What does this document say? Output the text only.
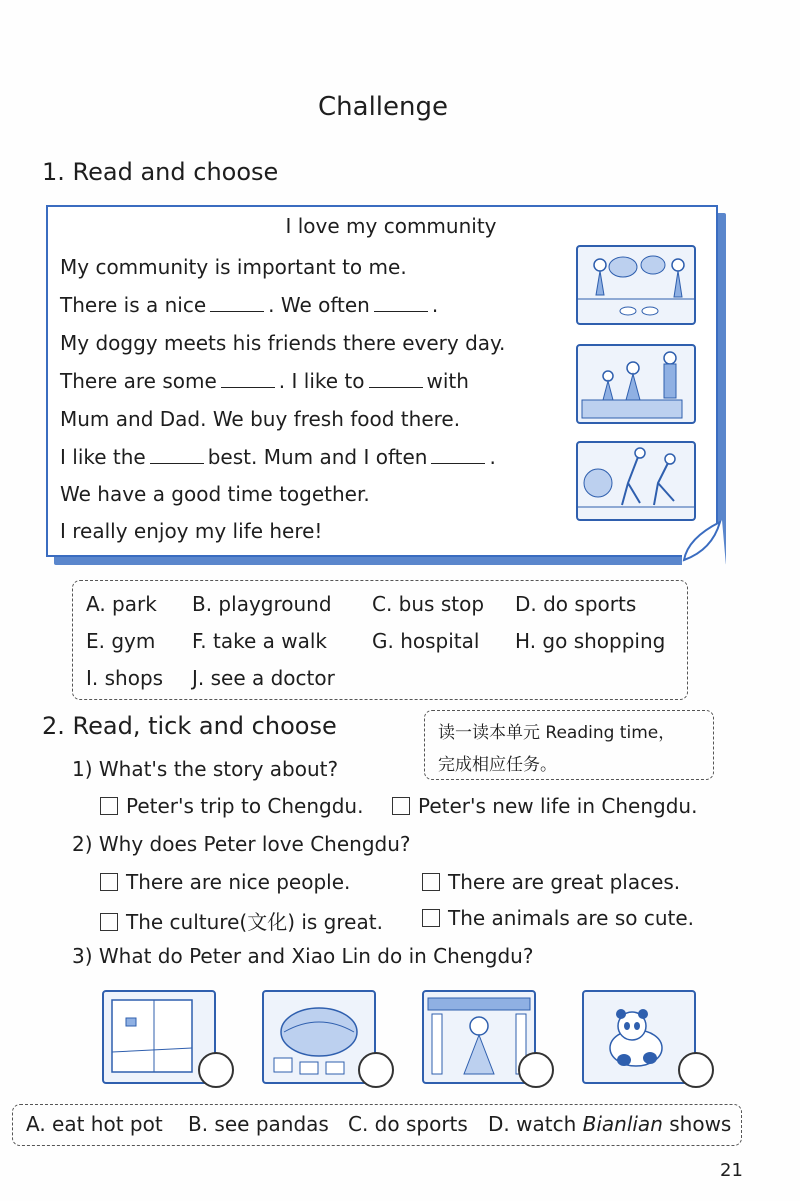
Challenge
1. Read and choose
I love my community
My community is important to me.
There is a nice	. We often	.
My doggy meets his friends there every day.
There are some	. I like to	with
Mum and Dad. We buy fresh food there.
I like the	best. Mum and I often	.
We have a good time together.
I really enjoy my life here!
A. park B. playground C. bus stop D. do sports
E. gym F. take a walk G. hospital H. go shopping
I. shops J. see a doctor
2. Read, tick and choose	读一读本单元 Reading time，
完成相应任务。
1) What's the story about?
Peter's trip to Chengdu.	Peter's new life in Chengdu.
2) Why does Peter love Chengdu?
There are nice people.	There are great places.
The culture(文化) is great.	The animals are so cute.
3) What do Peter and Xiao Lin do in Chengdu?
A. eat hot pot B. see pandas C. do sports D. watch Bianlian shows
21
